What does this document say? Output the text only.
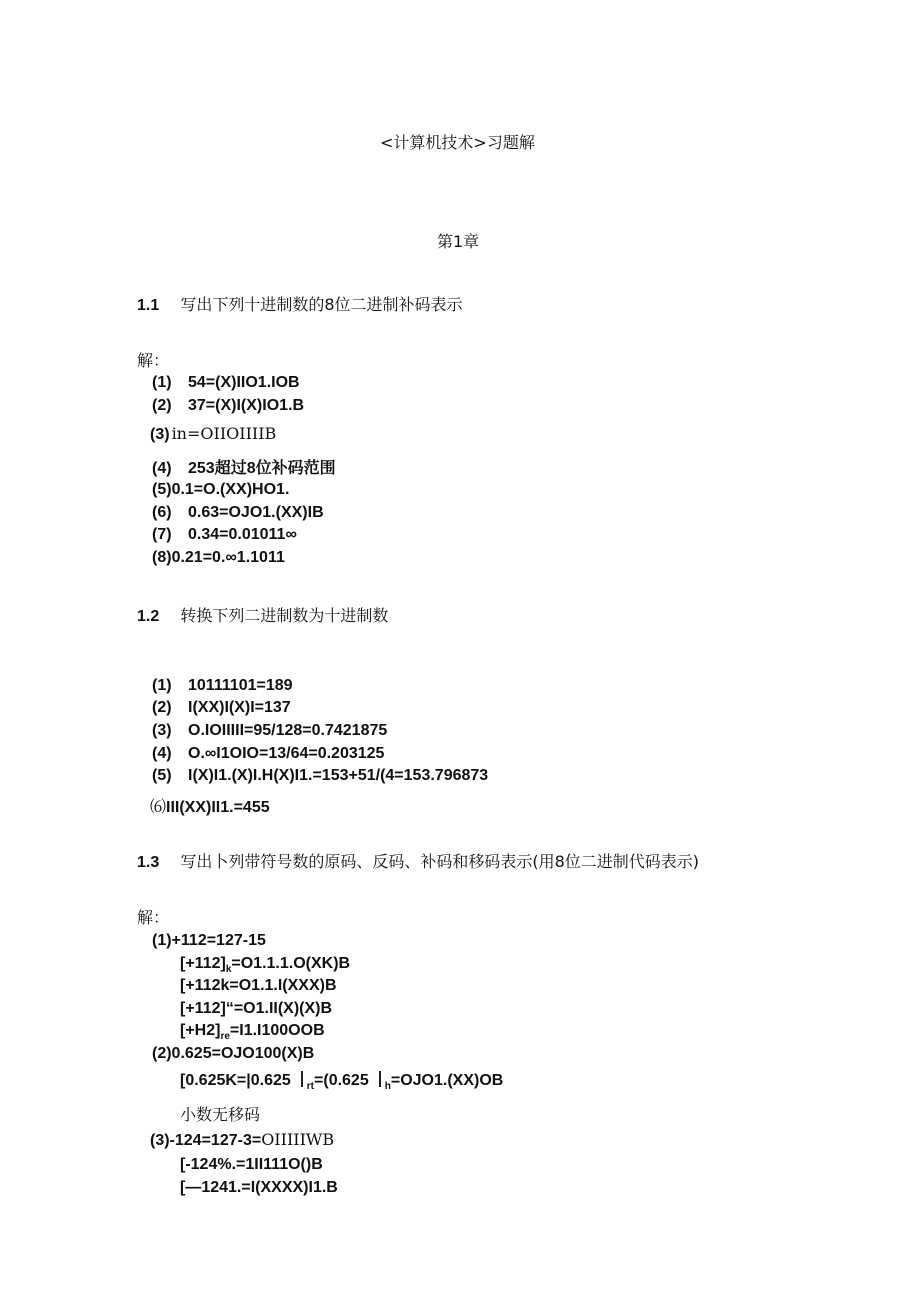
<计算机技术>习题解
第1章
1.1 写出下列十进制数的8位二进制补码表示
解：
(1) 54=(X)IIO1.IOB
(2) 37=(X)I(X)IO1.B
(3) in=OIIOIIIIB
(4) 253超过8位补码范围
(5)0.1=O.(XX)HO1.
(6) 0.63=OJO1.(XX)IB
(7) 0.34=0.01011∞
(8)0.21=0.∞1.1011
1.2 转换下列二进制数为十进制数
(1) 10111101=189
(2) I(XX)I(X)I=137
(3) O.IOIIIII=95/128=0.7421875
(4) O.∞I1OIO=13/64=0.203125
(5) I(X)I1.(X)I.H(X)I1.=153+51/(4=153.796873
⑹III(XX)II1.=455
1.3 写出卜列带符号数的原码、反码、补码和移码表示(用8位二进制代码表示)
解：
(1)+112=127-15
$[+112]_k=O1.1.1.O(XK)B$
[+112k=O1.1.I(XXX)B
[+112]“=O1.II(X)(X)B
$[+H2]_{re}=I1.I100OOB$
(2)0.625=OJO100(X)B
[0.625K=|0.625 $_{rt}$=(0.625 $_h$=OJO1.(XX)OB
小数无移码
(3)-124=127-3=OIIIIIWB
[-124%.=1II111O()B
[—1241.=I(XXXX)I1.B
